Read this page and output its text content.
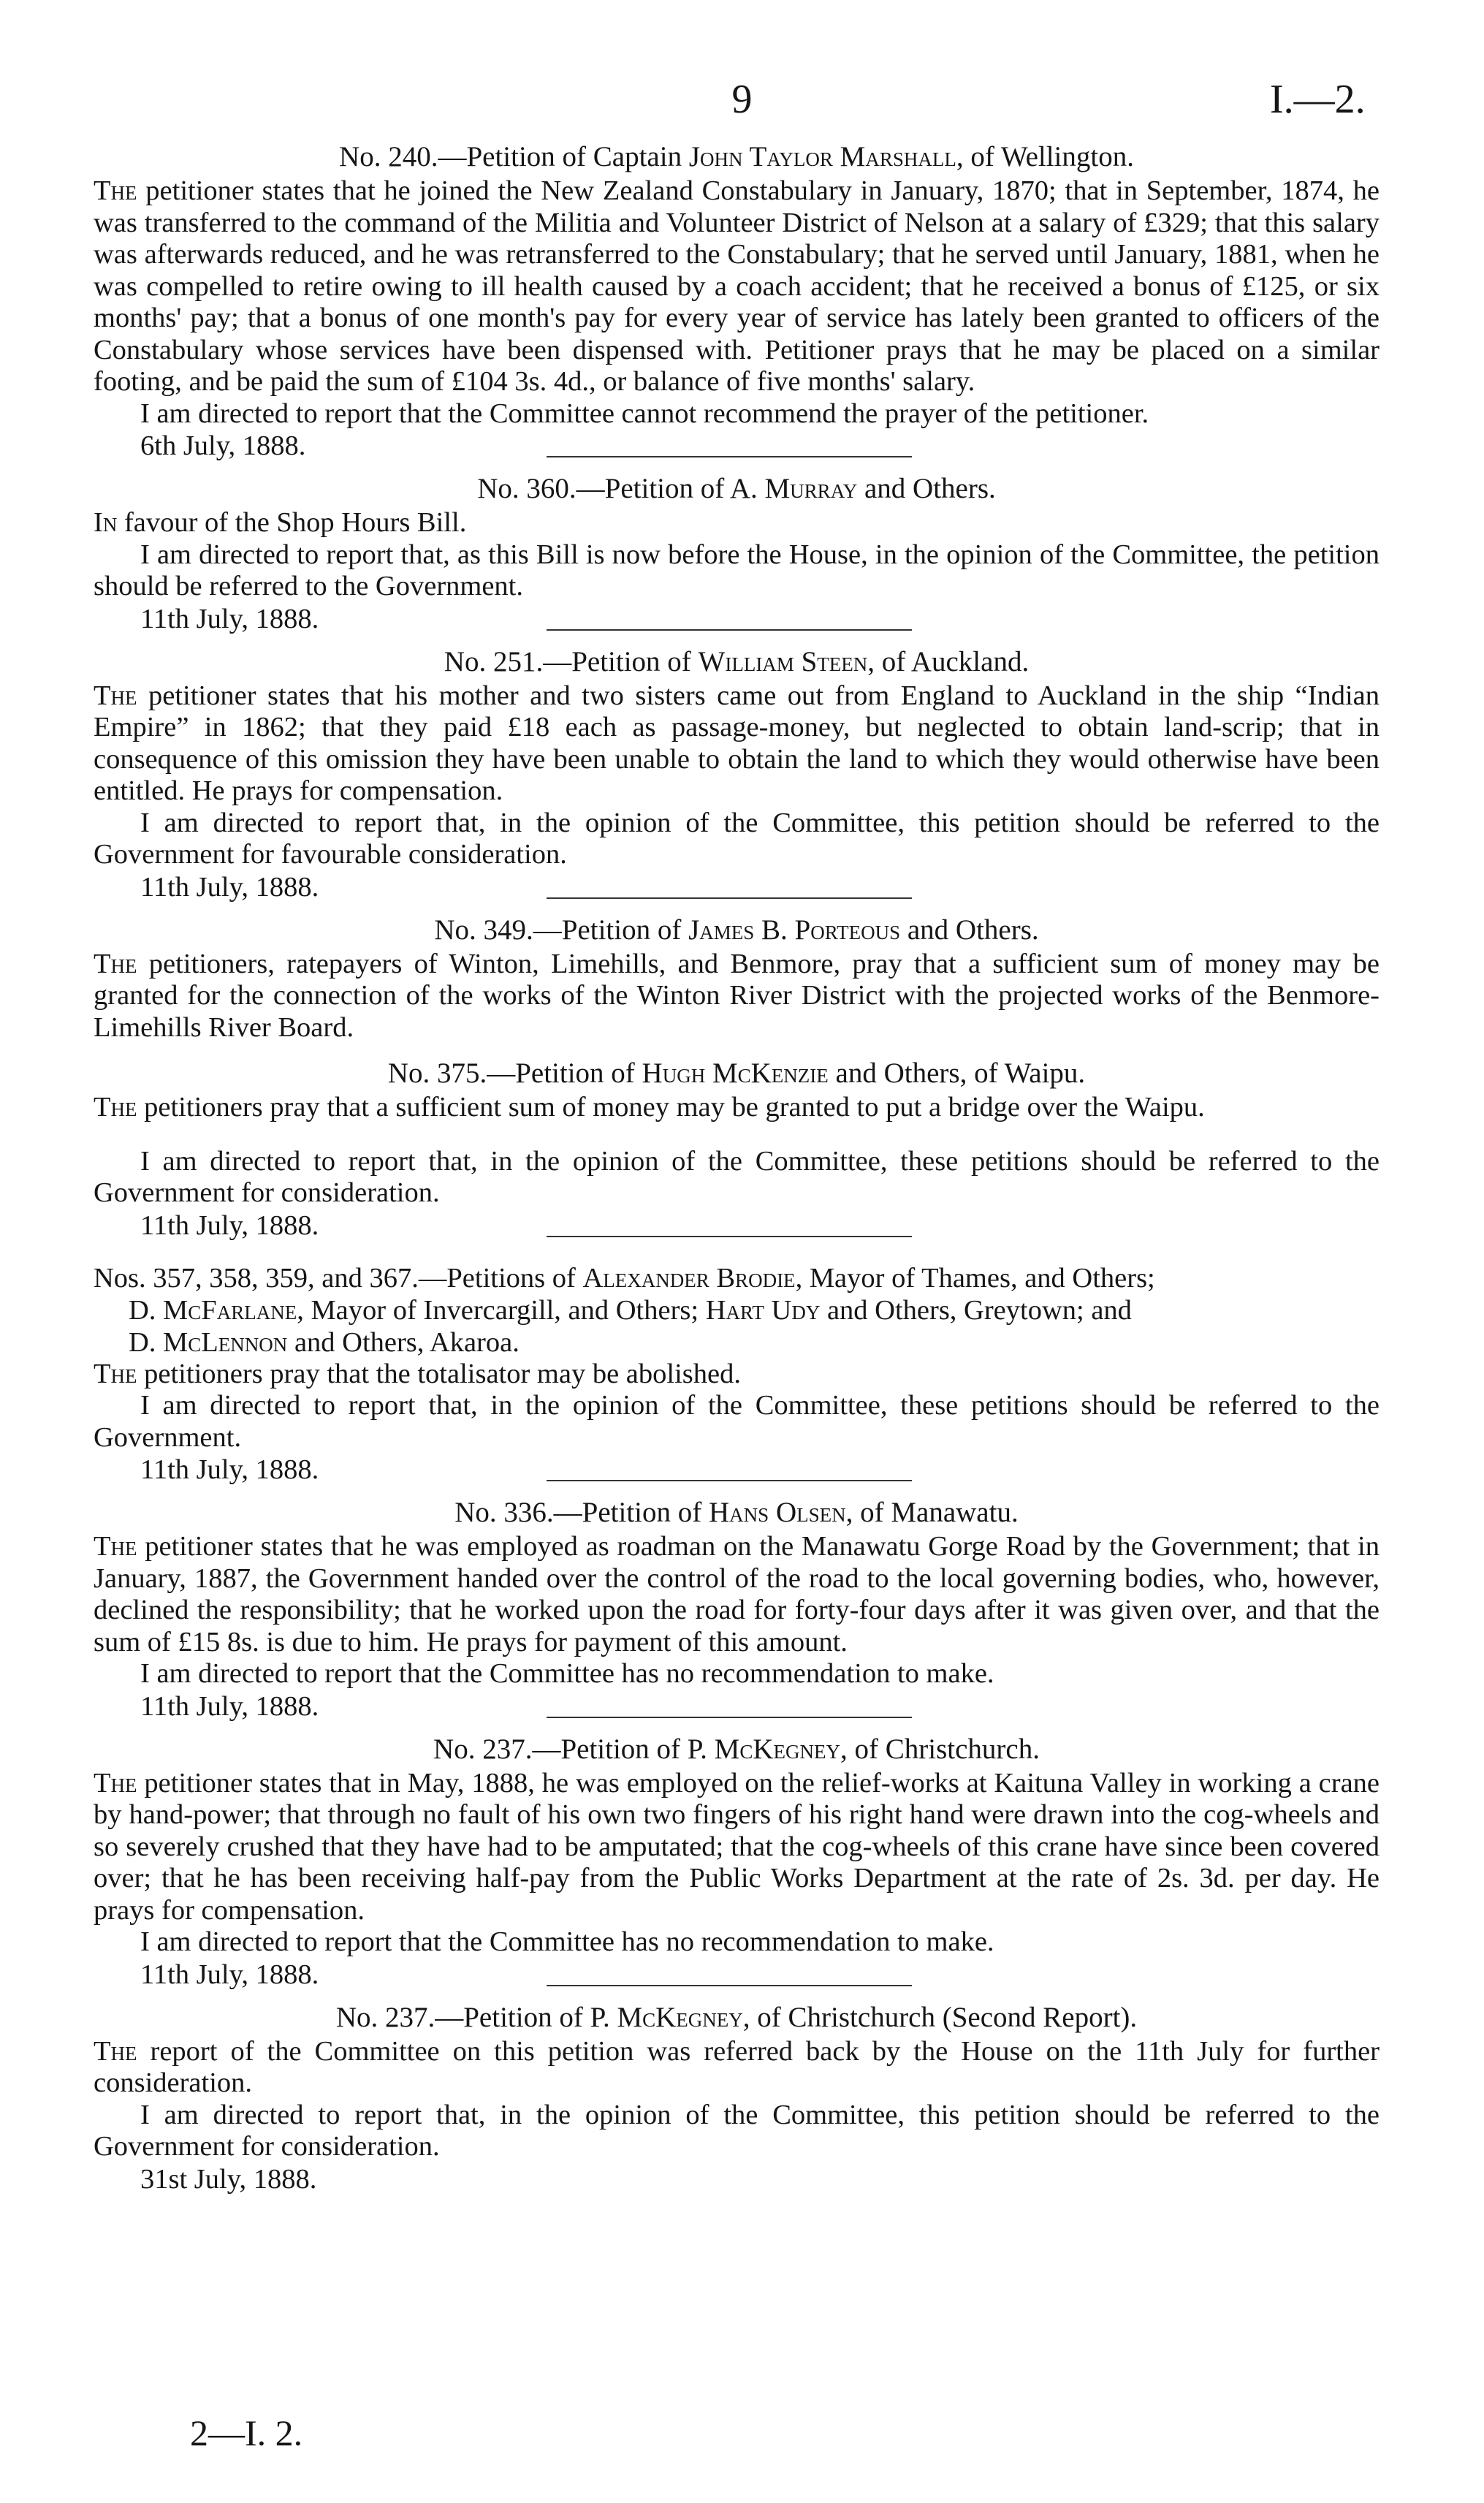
9	I.—2.

No. 240.—Petition of Captain John Taylor Marshall, of Wellington.

The petitioner states that he joined the New Zealand Constabulary in January, 1870; that in September, 1874, he was transferred to the command of the Militia and Volunteer District of Nelson at a salary of £329; that this salary was afterwards reduced, and he was retransferred to the Constabulary; that he served until January, 1881, when he was compelled to retire owing to ill health caused by a coach accident; that he received a bonus of £125, or six months' pay; that a bonus of one month's pay for every year of service has lately been granted to officers of the Constabulary whose services have been dispensed with. Petitioner prays that he may be placed on a similar footing, and be paid the sum of £104 3s. 4d., or balance of five months' salary.

I am directed to report that the Committee cannot recommend the prayer of the petitioner.

6th July, 1888.

No. 360.—Petition of A. Murray and Others.

In favour of the Shop Hours Bill.

I am directed to report that, as this Bill is now before the House, in the opinion of the Committee, the petition should be referred to the Government.

11th July, 1888.

No. 251.—Petition of William Steen, of Auckland.

The petitioner states that his mother and two sisters came out from England to Auckland in the ship “Indian Empire” in 1862; that they paid £18 each as passage-money, but neglected to obtain land-scrip; that in consequence of this omission they have been unable to obtain the land to which they would otherwise have been entitled. He prays for compensation.

I am directed to report that, in the opinion of the Committee, this petition should be referred to the Government for favourable consideration.

11th July, 1888.

No. 349.—Petition of James B. Porteous and Others.

The petitioners, ratepayers of Winton, Limehills, and Benmore, pray that a sufficient sum of money may be granted for the connection of the works of the Winton River District with the projected works of the Benmore-Limehills River Board.

No. 375.—Petition of Hugh McKenzie and Others, of Waipu.

The petitioners pray that a sufficient sum of money may be granted to put a bridge over the Waipu.

I am directed to report that, in the opinion of the Committee, these petitions should be referred to the Government for consideration.

11th July, 1888.

Nos. 357, 358, 359, and 367.—Petitions of Alexander Brodie, Mayor of Thames, and Others;
D. McFarlane, Mayor of Invercargill, and Others; Hart Udy and Others, Greytown; and
D. McLennon and Others, Akaroa.

The petitioners pray that the totalisator may be abolished.

I am directed to report that, in the opinion of the Committee, these petitions should be referred to the Government.

11th July, 1888.

No. 336.—Petition of Hans Olsen, of Manawatu.

The petitioner states that he was employed as roadman on the Manawatu Gorge Road by the Government; that in January, 1887, the Government handed over the control of the road to the local governing bodies, who, however, declined the responsibility; that he worked upon the road for forty-four days after it was given over, and that the sum of £15 8s. is due to him. He prays for payment of this amount.

I am directed to report that the Committee has no recommendation to make.

11th July, 1888.

No. 237.—Petition of P. McKegney, of Christchurch.

The petitioner states that in May, 1888, he was employed on the relief-works at Kaituna Valley in working a crane by hand-power; that through no fault of his own two fingers of his right hand were drawn into the cog-wheels and so severely crushed that they have had to be amputated; that the cog-wheels of this crane have since been covered over; that he has been receiving half-pay from the Public Works Department at the rate of 2s. 3d. per day. He prays for compensation.

I am directed to report that the Committee has no recommendation to make.

11th July, 1888.

No. 237.—Petition of P. McKegney, of Christchurch (Second Report).

The report of the Committee on this petition was referred back by the House on the 11th July for further consideration.

I am directed to report that, in the opinion of the Committee, this petition should be referred to the Government for consideration.

31st July, 1888.

2—I. 2.
